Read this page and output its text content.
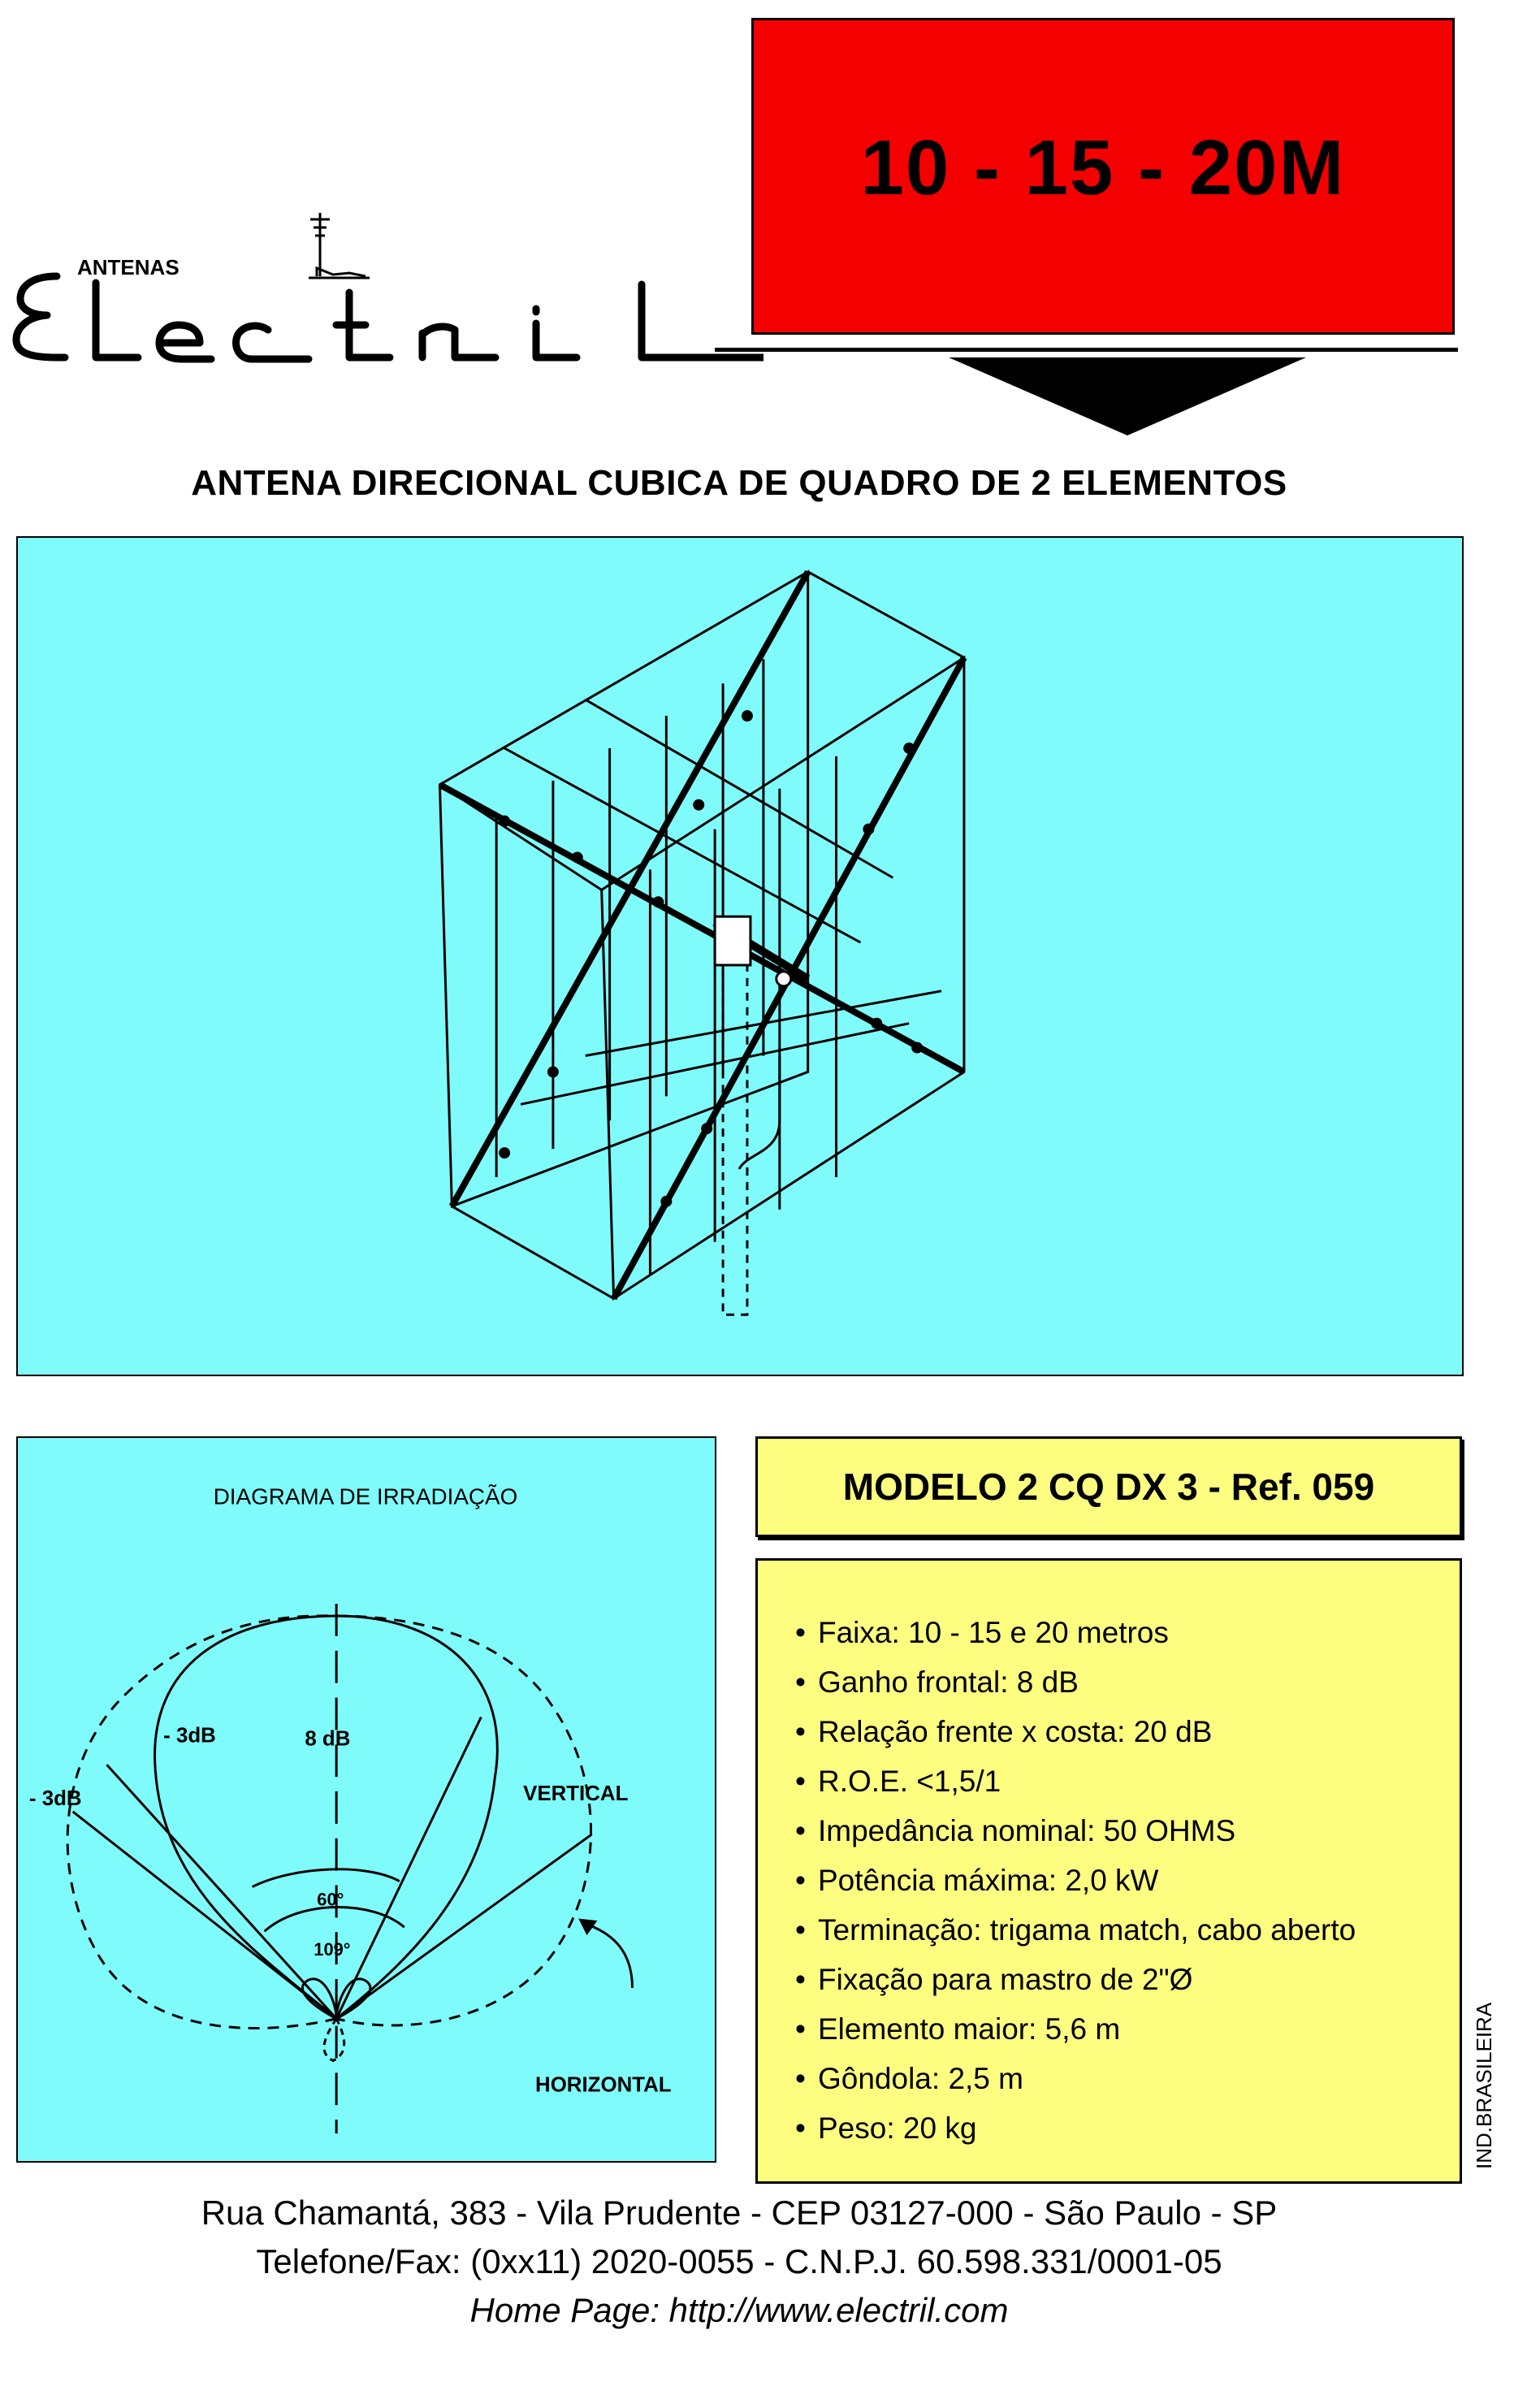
ANTENAS
Electril	10 - 15 - 20M
ANTENA DIRECIONAL CUBICA DE QUADRO DE 2 ELEMENTOS
DIAGRAMA DE IRRADIAÇÃO
8 dB
- 3dB
- 3dB	VERTICAL
HORIZONTAL
60°
109°
MODELO 2 CQ DX 3 - Ref. 059
• Faixa: 10 - 15 e 20 metros
• Ganho frontal: 8 dB
• Relação frente x costa: 20 dB
• R.O.E. <1,5/1
• Impedância nominal: 50 OHMS
• Potência máxima: 2,0 kW
• Terminação: trigama match, cabo aberto
• Fixação para mastro de 2"Ø
• Elemento maior: 5,6 m
• Gôndola: 2,5 m
• Peso: 20 kg	IND.BRASILEIRA
Rua Chamantá, 383 - Vila Prudente - CEP 03127-000 - São Paulo - SP
Telefone/Fax: (0xx11) 2020-0055 - C.N.P.J. 60.598.331/0001-05
Home Page: http://www.electril.com
